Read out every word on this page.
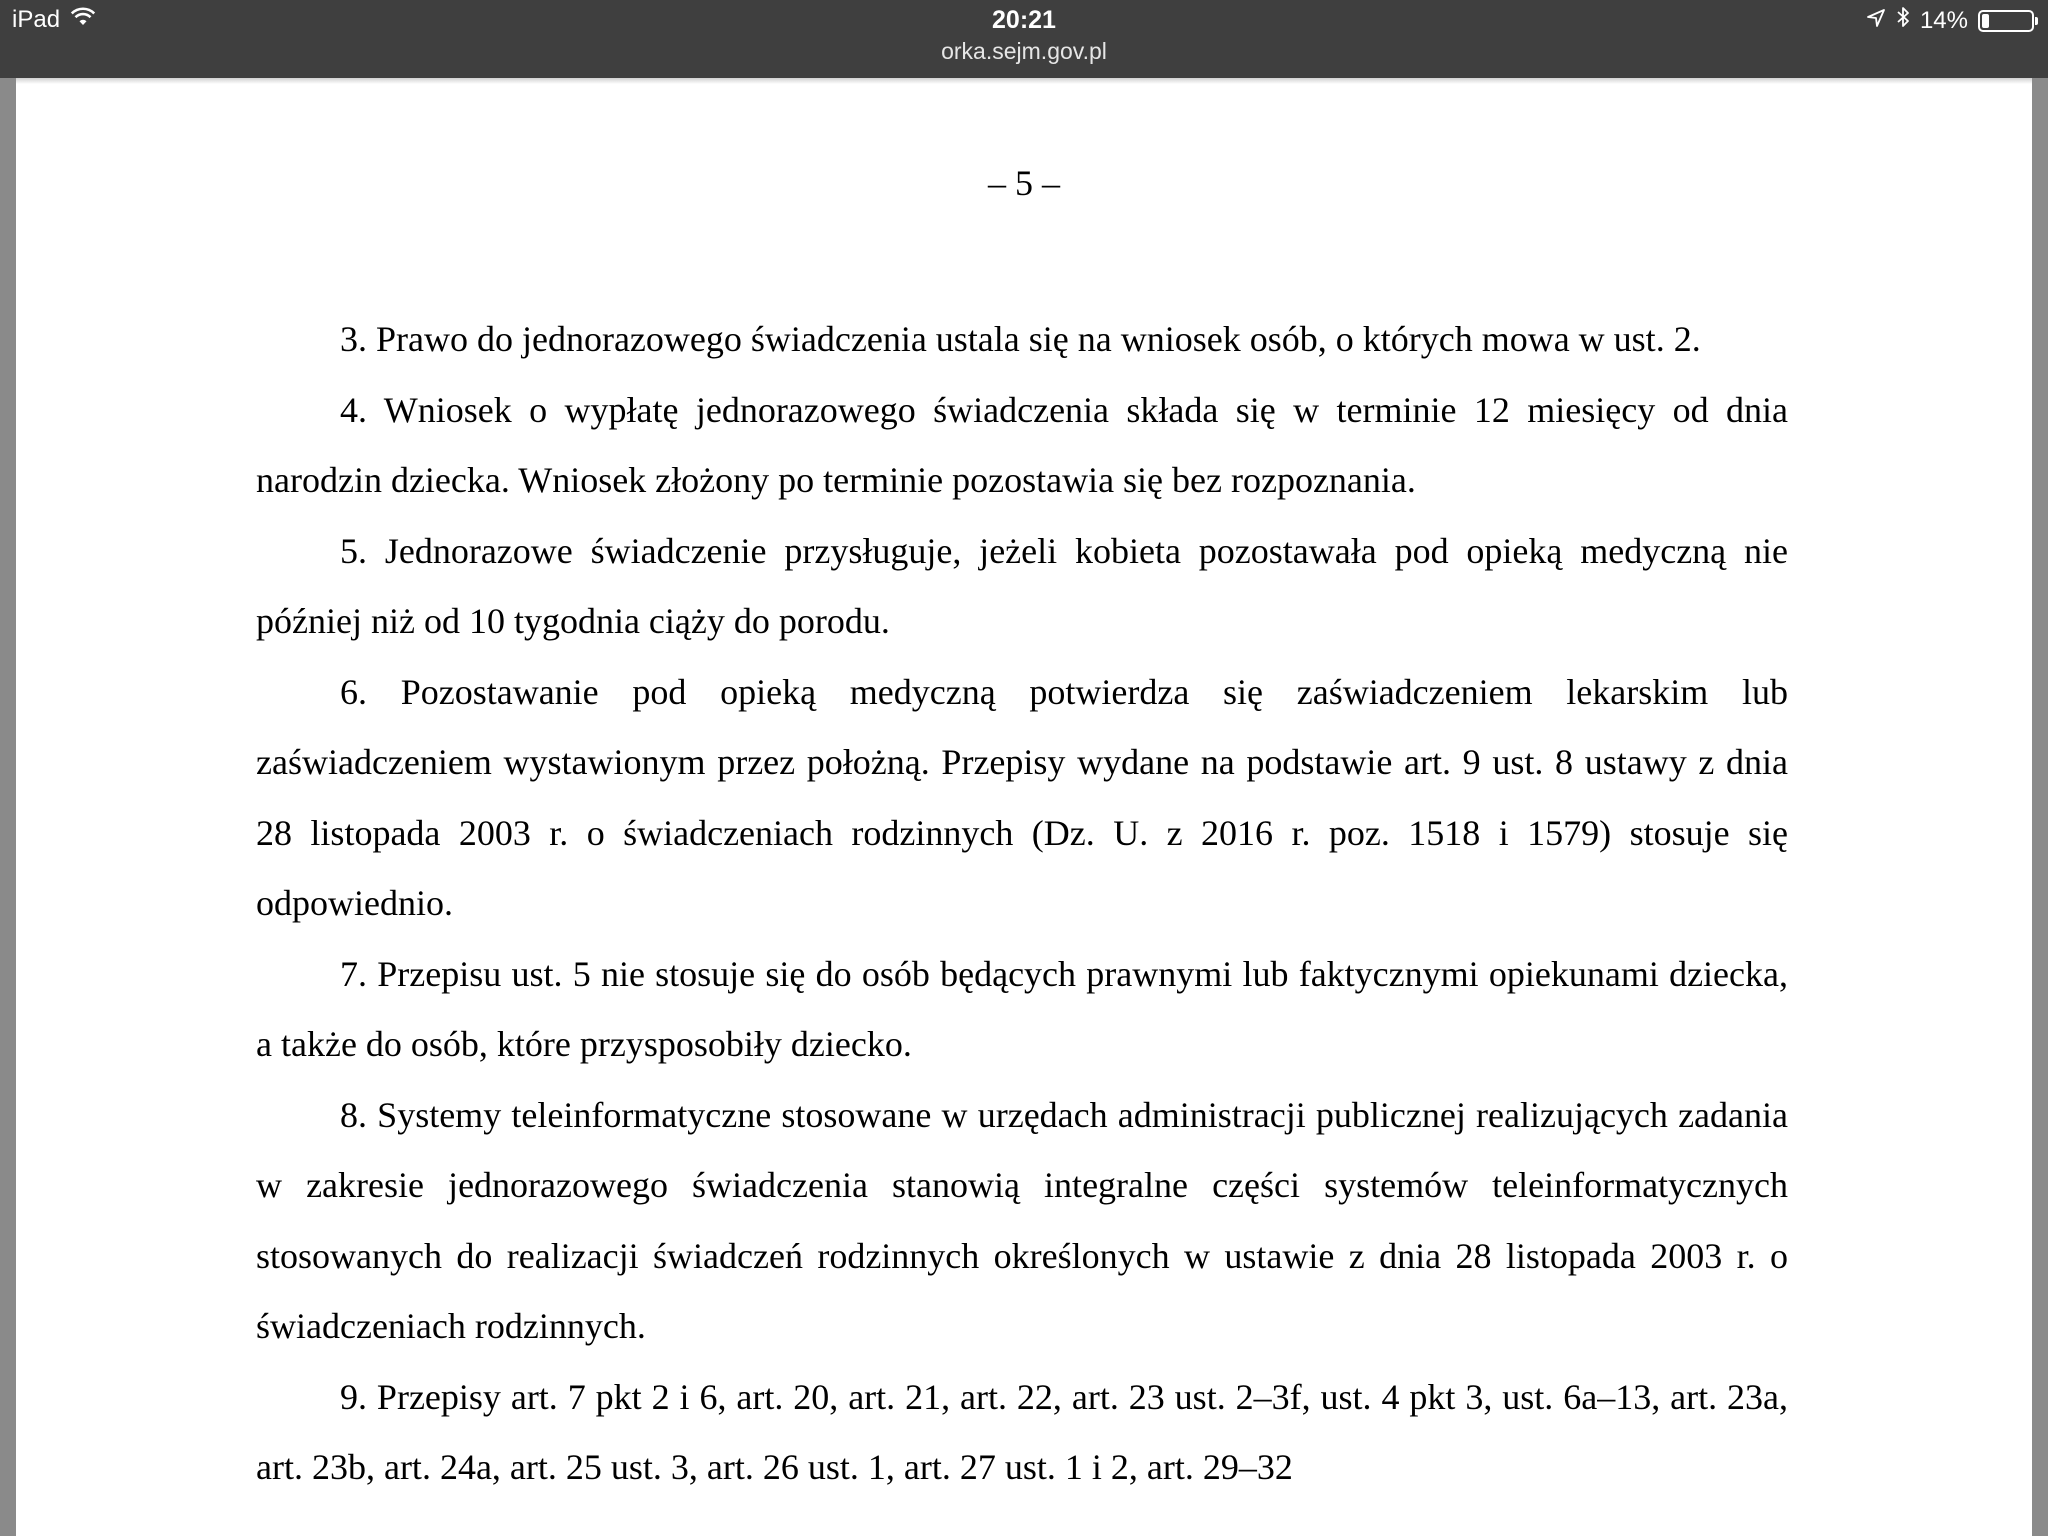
iPad	20:21
orka.sejm.gov.pl
14%
– 5 –

3. Prawo do jednorazowego świadczenia ustala się na wniosek osób, o których mowa w ust. 2.

4. Wniosek o wypłatę jednorazowego świadczenia składa się w terminie 12 miesięcy od dnia narodzin dziecka. Wniosek złożony po terminie pozostawia się bez rozpoznania.

5. Jednorazowe świadczenie przysługuje, jeżeli kobieta pozostawała pod opieką medyczną nie później niż od 10 tygodnia ciąży do porodu.

6. Pozostawanie pod opieką medyczną potwierdza się zaświadczeniem lekarskim lub zaświadczeniem wystawionym przez położną. Przepisy wydane na podstawie art. 9 ust. 8 ustawy z dnia 28 listopada 2003 r. o świadczeniach rodzinnych (Dz. U. z 2016 r. poz. 1518 i 1579) stosuje się odpowiednio.

7. Przepisu ust. 5 nie stosuje się do osób będących prawnymi lub faktycznymi opiekunami dziecka, a także do osób, które przysposobiły dziecko.

8. Systemy teleinformatyczne stosowane w urzędach administracji publicznej realizujących zadania w zakresie jednorazowego świadczenia stanowią integralne części systemów teleinformatycznych stosowanych do realizacji świadczeń rodzinnych określonych w ustawie z dnia 28 listopada 2003 r. o świadczeniach rodzinnych.

9. Przepisy art. 7 pkt 2 i 6, art. 20, art. 21, art. 22, art. 23 ust. 2–3f, ust. 4 pkt 3, ust. 6a–13, art. 23a, art. 23b, art. 24a, art. 25 ust. 3, art. 26 ust. 1, art. 27 ust. 1 i 2, art. 29–32
